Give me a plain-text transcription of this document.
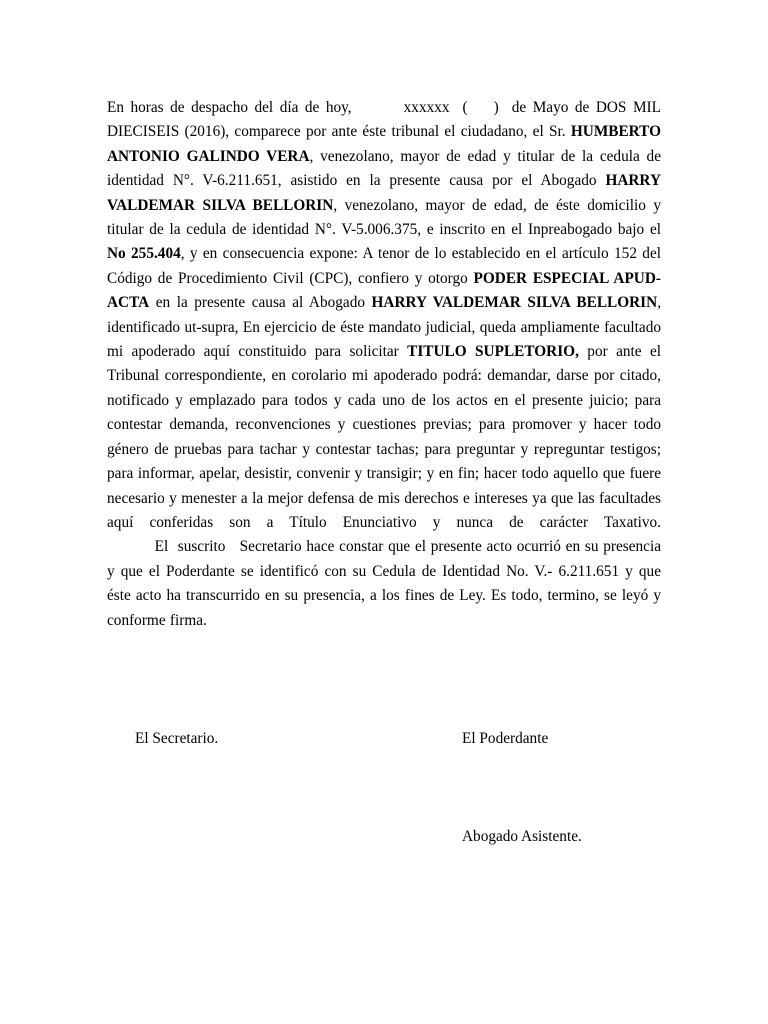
En horas de despacho del día de hoy,        xxxxxx  (    )  de Mayo de DOS MIL DIECISEIS (2016), comparece por ante éste tribunal el ciudadano, el Sr. HUMBERTO ANTONIO GALINDO VERA, venezolano, mayor de edad y titular de la cedula de identidad N°. V-6.211.651, asistido en la presente causa por el Abogado HARRY VALDEMAR SILVA BELLORIN, venezolano, mayor de edad, de éste domicilio y titular de la cedula de identidad N°. V-5.006.375, e inscrito en el Inpreabogado bajo el No 255.404, y en consecuencia expone: A tenor de lo establecido en el artículo 152 del Código de Procedimiento Civil (CPC), confiero y otorgo PODER ESPECIAL APUD-ACTA en la presente causa al Abogado HARRY VALDEMAR SILVA BELLORIN, identificado ut-supra, En ejercicio de éste mandato judicial, queda ampliamente facultado mi apoderado aquí constituido para solicitar TITULO SUPLETORIO, por ante el Tribunal correspondiente, en corolario mi apoderado podrá: demandar, darse por citado, notificado y emplazado para todos y cada uno de los actos en el presente juicio; para contestar demanda, reconvenciones y cuestiones previas; para promover y hacer todo género de pruebas para tachar y contestar tachas; para preguntar y repreguntar testigos; para informar, apelar, desistir, convenir y transigir; y en fin; hacer todo aquello que fuere necesario y menester a la mejor defensa de mis derechos e intereses ya que las facultades aquí conferidas son a Título Enunciativo y nunca de carácter Taxativo.          El  suscrito   Secretario hace constar que el presente acto ocurrió en su presencia y que el Poderdante se identificó con su Cedula de Identidad No. V.- 6.211.651 y que éste acto ha transcurrido en su presencia, a los fines de Ley. Es todo, termino, se leyó y conforme firma.
El Secretario.	El Poderdante
Abogado Asistente.
